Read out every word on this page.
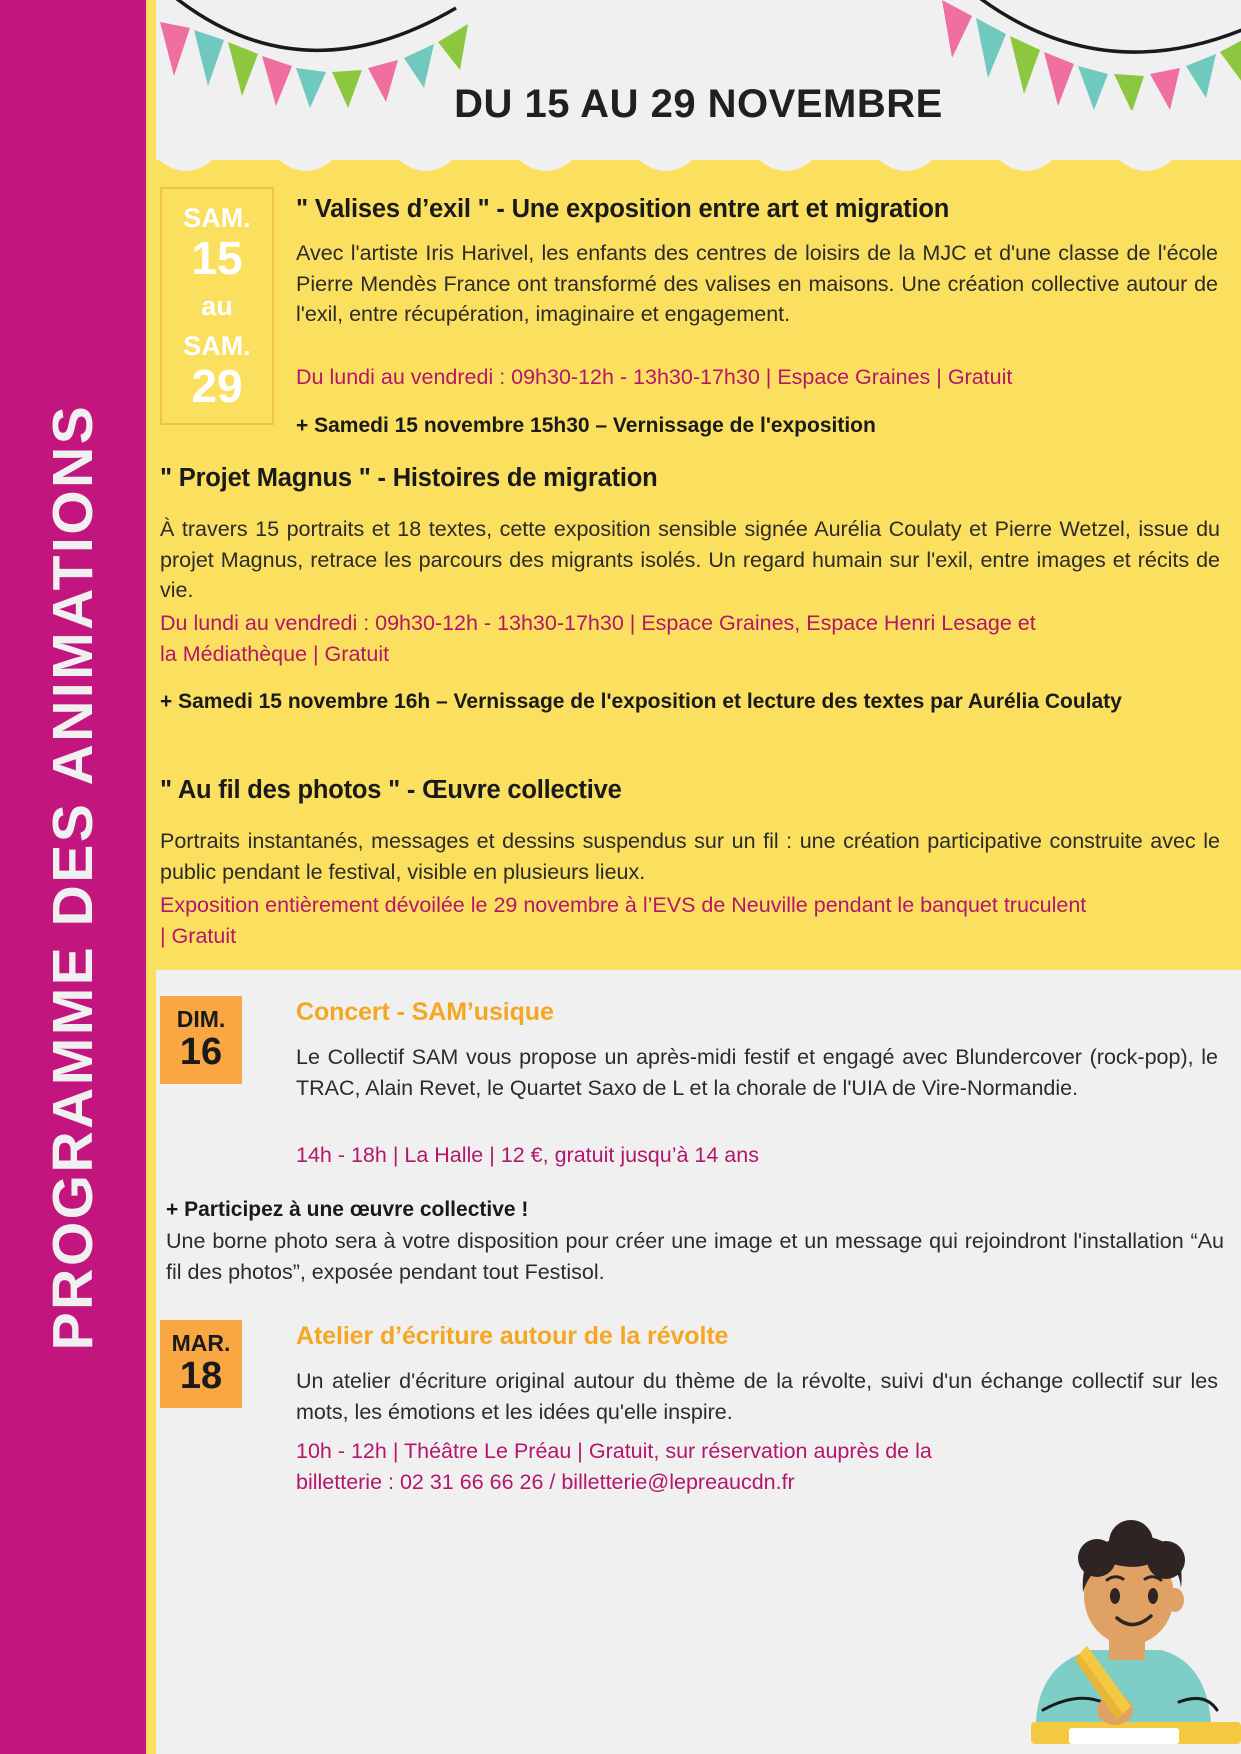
SAM.
15
au
SAM.
29
" Valises d’exil " - Une exposition entre art et migration
Avec l'artiste Iris Harivel, les enfants des centres de loisirs de la MJC et d'une classe de l'école Pierre Mendès France ont transformé des valises en maisons. Une création collective autour de l'exil, entre récupération, imaginaire et engagement.
Du lundi au vendredi : 09h30-12h - 13h30-17h30 | Espace Graines | Gratuit
+ Samedi 15 novembre 15h30 – Vernissage de l'exposition
" Projet Magnus " - Histoires de migration
À travers 15 portraits et 18 textes, cette exposition sensible signée Aurélia Coulaty et Pierre Wetzel, issue du projet Magnus, retrace les parcours des migrants isolés. Un regard humain sur l'exil, entre images et récits de vie.
Du lundi au vendredi : 09h30-12h - 13h30-17h30 | Espace Graines, Espace Henri Lesage et la Médiathèque | Gratuit
+ Samedi 15 novembre 16h – Vernissage de l'exposition et lecture des textes par Aurélia Coulaty
" Au fil des photos " - Œuvre collective
Portraits instantanés, messages et dessins suspendus sur un fil : une création participative construite avec le public pendant le festival, visible en plusieurs lieux.
Exposition entièrement dévoilée le 29 novembre à l’EVS de Neuville pendant le banquet truculent | Gratuit
DIM.
16
Concert - SAM’usique
Le Collectif SAM vous propose un après-midi festif et engagé avec Blundercover (rock-pop), le TRAC, Alain Revet, le Quartet Saxo de L et la chorale de l'UIA de Vire-Normandie.
14h - 18h | La Halle | 12 €, gratuit jusqu’à 14 ans
+ Participez à une œuvre collective !
Une borne photo sera à votre disposition pour créer une image et un message qui rejoindront l'installation “Au fil des photos”, exposée pendant tout Festisol.
MAR.
18
Atelier d’écriture autour de la révolte
Un atelier d'écriture original autour du thème de la révolte, suivi d'un échange collectif sur les mots, les émotions et les idées qu'elle inspire.
10h - 12h | Théâtre Le Préau | Gratuit, sur réservation auprès de la billetterie : 02 31 66 66 26 / billetterie@lepreaucdn.fr
DU 15 AU 29 NOVEMBRE
PROGRAMME DES ANIMATIONS
